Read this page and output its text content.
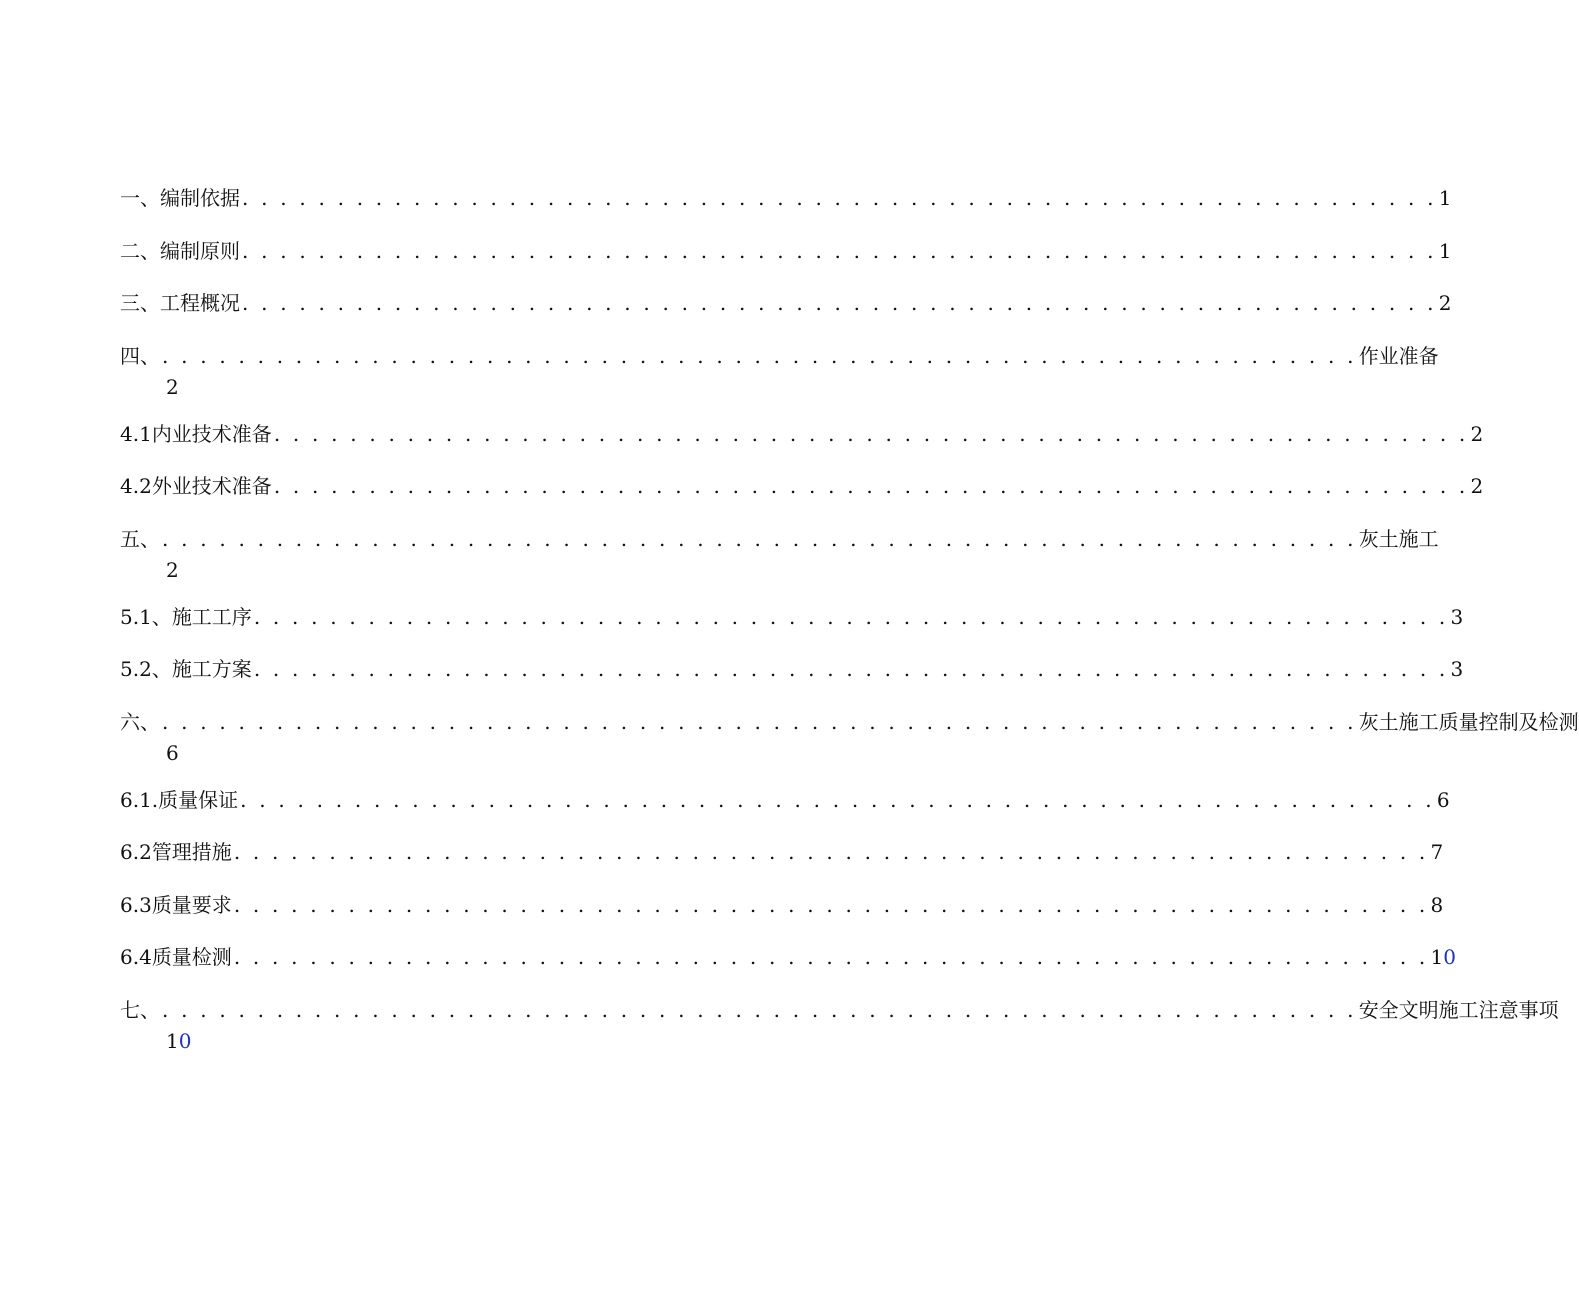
一、 编制依据 . . . . . . . . . . . . . . . . . . . . . . . . . . . . . . . . . . . . . . . . . . . . . . . . . . . . . . . . . . . . . . . 1
二、 编制原则 . . . . . . . . . . . . . . . . . . . . . . . . . . . . . . . . . . . . . . . . . . . . . . . . . . . . . . . . . . . . . . . 1
三、 工程概况 . . . . . . . . . . . . . . . . . . . . . . . . . . . . . . . . . . . . . . . . . . . . . . . . . . . . . . . . . . . . . . . 2
四、 . . . . . . . . . . . . . . . . . . . . . . . . . . . . . . . . . . . . . . . . . . . . . . . . . . . . . . . . . . . . . . . 作业准备
2
4.1 内业技术准备 . . . . . . . . . . . . . . . . . . . . . . . . . . . . . . . . . . . . . . . . . . . . . . . . . . . . . . . . . . . . . . . 2
4.2 外业技术准备 . . . . . . . . . . . . . . . . . . . . . . . . . . . . . . . . . . . . . . . . . . . . . . . . . . . . . . . . . . . . . . . 2
五、 . . . . . . . . . . . . . . . . . . . . . . . . . . . . . . . . . . . . . . . . . . . . . . . . . . . . . . . . . . . . . . . 灰土施工
2
5.1、 施工工序 . . . . . . . . . . . . . . . . . . . . . . . . . . . . . . . . . . . . . . . . . . . . . . . . . . . . . . . . . . . . . . . 3
5.2、 施工方案 . . . . . . . . . . . . . . . . . . . . . . . . . . . . . . . . . . . . . . . . . . . . . . . . . . . . . . . . . . . . . . . 3
六、 . . . . . . . . . . . . . . . . . . . . . . . . . . . . . . . . . . . . . . . . . . . . . . . . . . . . . . . . . . . . . . . 灰土施工质量控制及检测
6
6.1. 质量保证 . . . . . . . . . . . . . . . . . . . . . . . . . . . . . . . . . . . . . . . . . . . . . . . . . . . . . . . . . . . . . . . 6
6.2 管理措施 . . . . . . . . . . . . . . . . . . . . . . . . . . . . . . . . . . . . . . . . . . . . . . . . . . . . . . . . . . . . . . . 7
6.3 质量要求 . . . . . . . . . . . . . . . . . . . . . . . . . . . . . . . . . . . . . . . . . . . . . . . . . . . . . . . . . . . . . . . 8
6.4 质量检测 . . . . . . . . . . . . . . . . . . . . . . . . . . . . . . . . . . . . . . . . . . . . . . . . . . . . . . . . . . . . . . . 10
七、 . . . . . . . . . . . . . . . . . . . . . . . . . . . . . . . . . . . . . . . . . . . . . . . . . . . . . . . . . . . . . . . 安全文明施工注意事项
10
